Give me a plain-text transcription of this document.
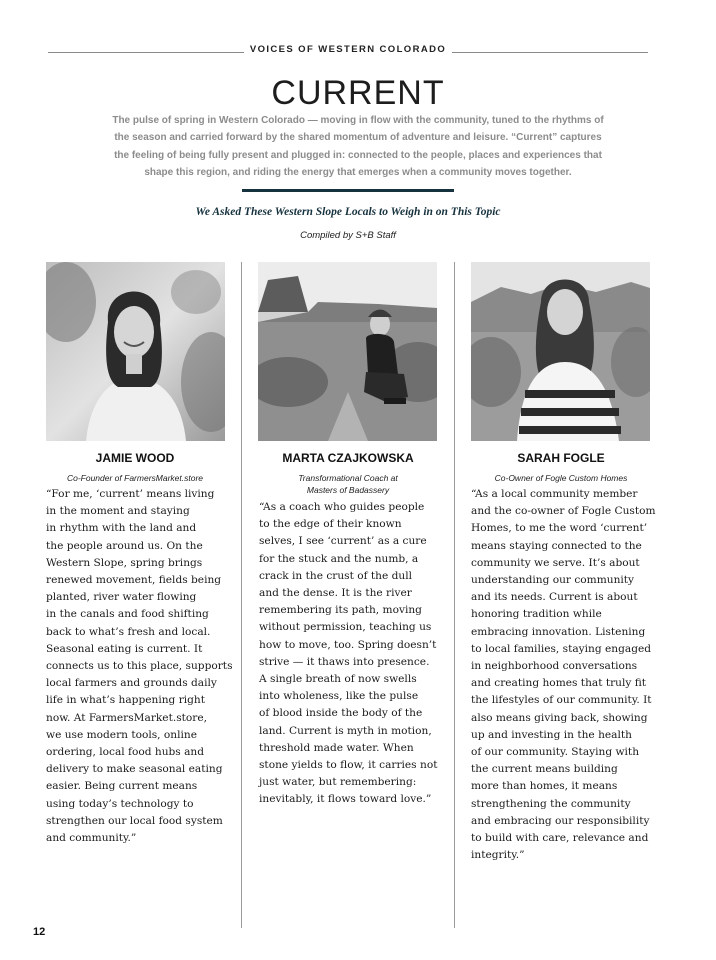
VOICES OF WESTERN COLORADO
CURRENT
The pulse of spring in Western Colorado — moving in flow with the community, tuned to the rhythms of
the season and carried forward by the shared momentum of adventure and leisure. “Current” captures
the feeling of being fully present and plugged in: connected to the people, places and experiences that
shape this region, and riding the energy that emerges when a community moves together.
We Asked These Western Slope Locals to Weigh in on This Topic
Compiled by S+B Staff
JAMIE WOOD
Co-Founder of FarmersMarket.store
“For me, ‘current’ means living
in the moment and staying
in rhythm with the land and
the people around us. On the
Western Slope, spring brings
renewed movement, fields being
planted, river water flowing
in the canals and food shifting
back to what’s fresh and local.
Seasonal eating is current. It
connects us to this place, supports
local farmers and grounds daily
life in what’s happening right
now. At FarmersMarket.store,
we use modern tools, online
ordering, local food hubs and
delivery to make seasonal eating
easier. Being current means
using today’s technology to
strengthen our local food system
and community.”
MARTA CZAJKOWSKA
Transformational Coach at
Masters of Badassery
“As a coach who guides people
to the edge of their known
selves, I see ‘current’ as a cure
for the stuck and the numb, a
crack in the crust of the dull
and the dense. It is the river
remembering its path, moving
without permission, teaching us
how to move, too. Spring doesn’t
strive — it thaws into presence.
A single breath of now swells
into wholeness, like the pulse
of blood inside the body of the
land. Current is myth in motion,
threshold made water. When
stone yields to flow, it carries not
just water, but remembering:
inevitably, it flows toward love.”
SARAH FOGLE
Co-Owner of Fogle Custom Homes
“As a local community member
and the co-owner of Fogle Custom
Homes, to me the word ‘current’
means staying connected to the
community we serve. It’s about
understanding our community
and its needs. Current is about
honoring tradition while
embracing innovation. Listening
to local families, staying engaged
in neighborhood conversations
and creating homes that truly fit
the lifestyles of our community. It
also means giving back, showing
up and investing in the health
of our community. Staying with
the current means building
more than homes, it means
strengthening the community
and embracing our responsibility
to build with care, relevance and
integrity.”
12
